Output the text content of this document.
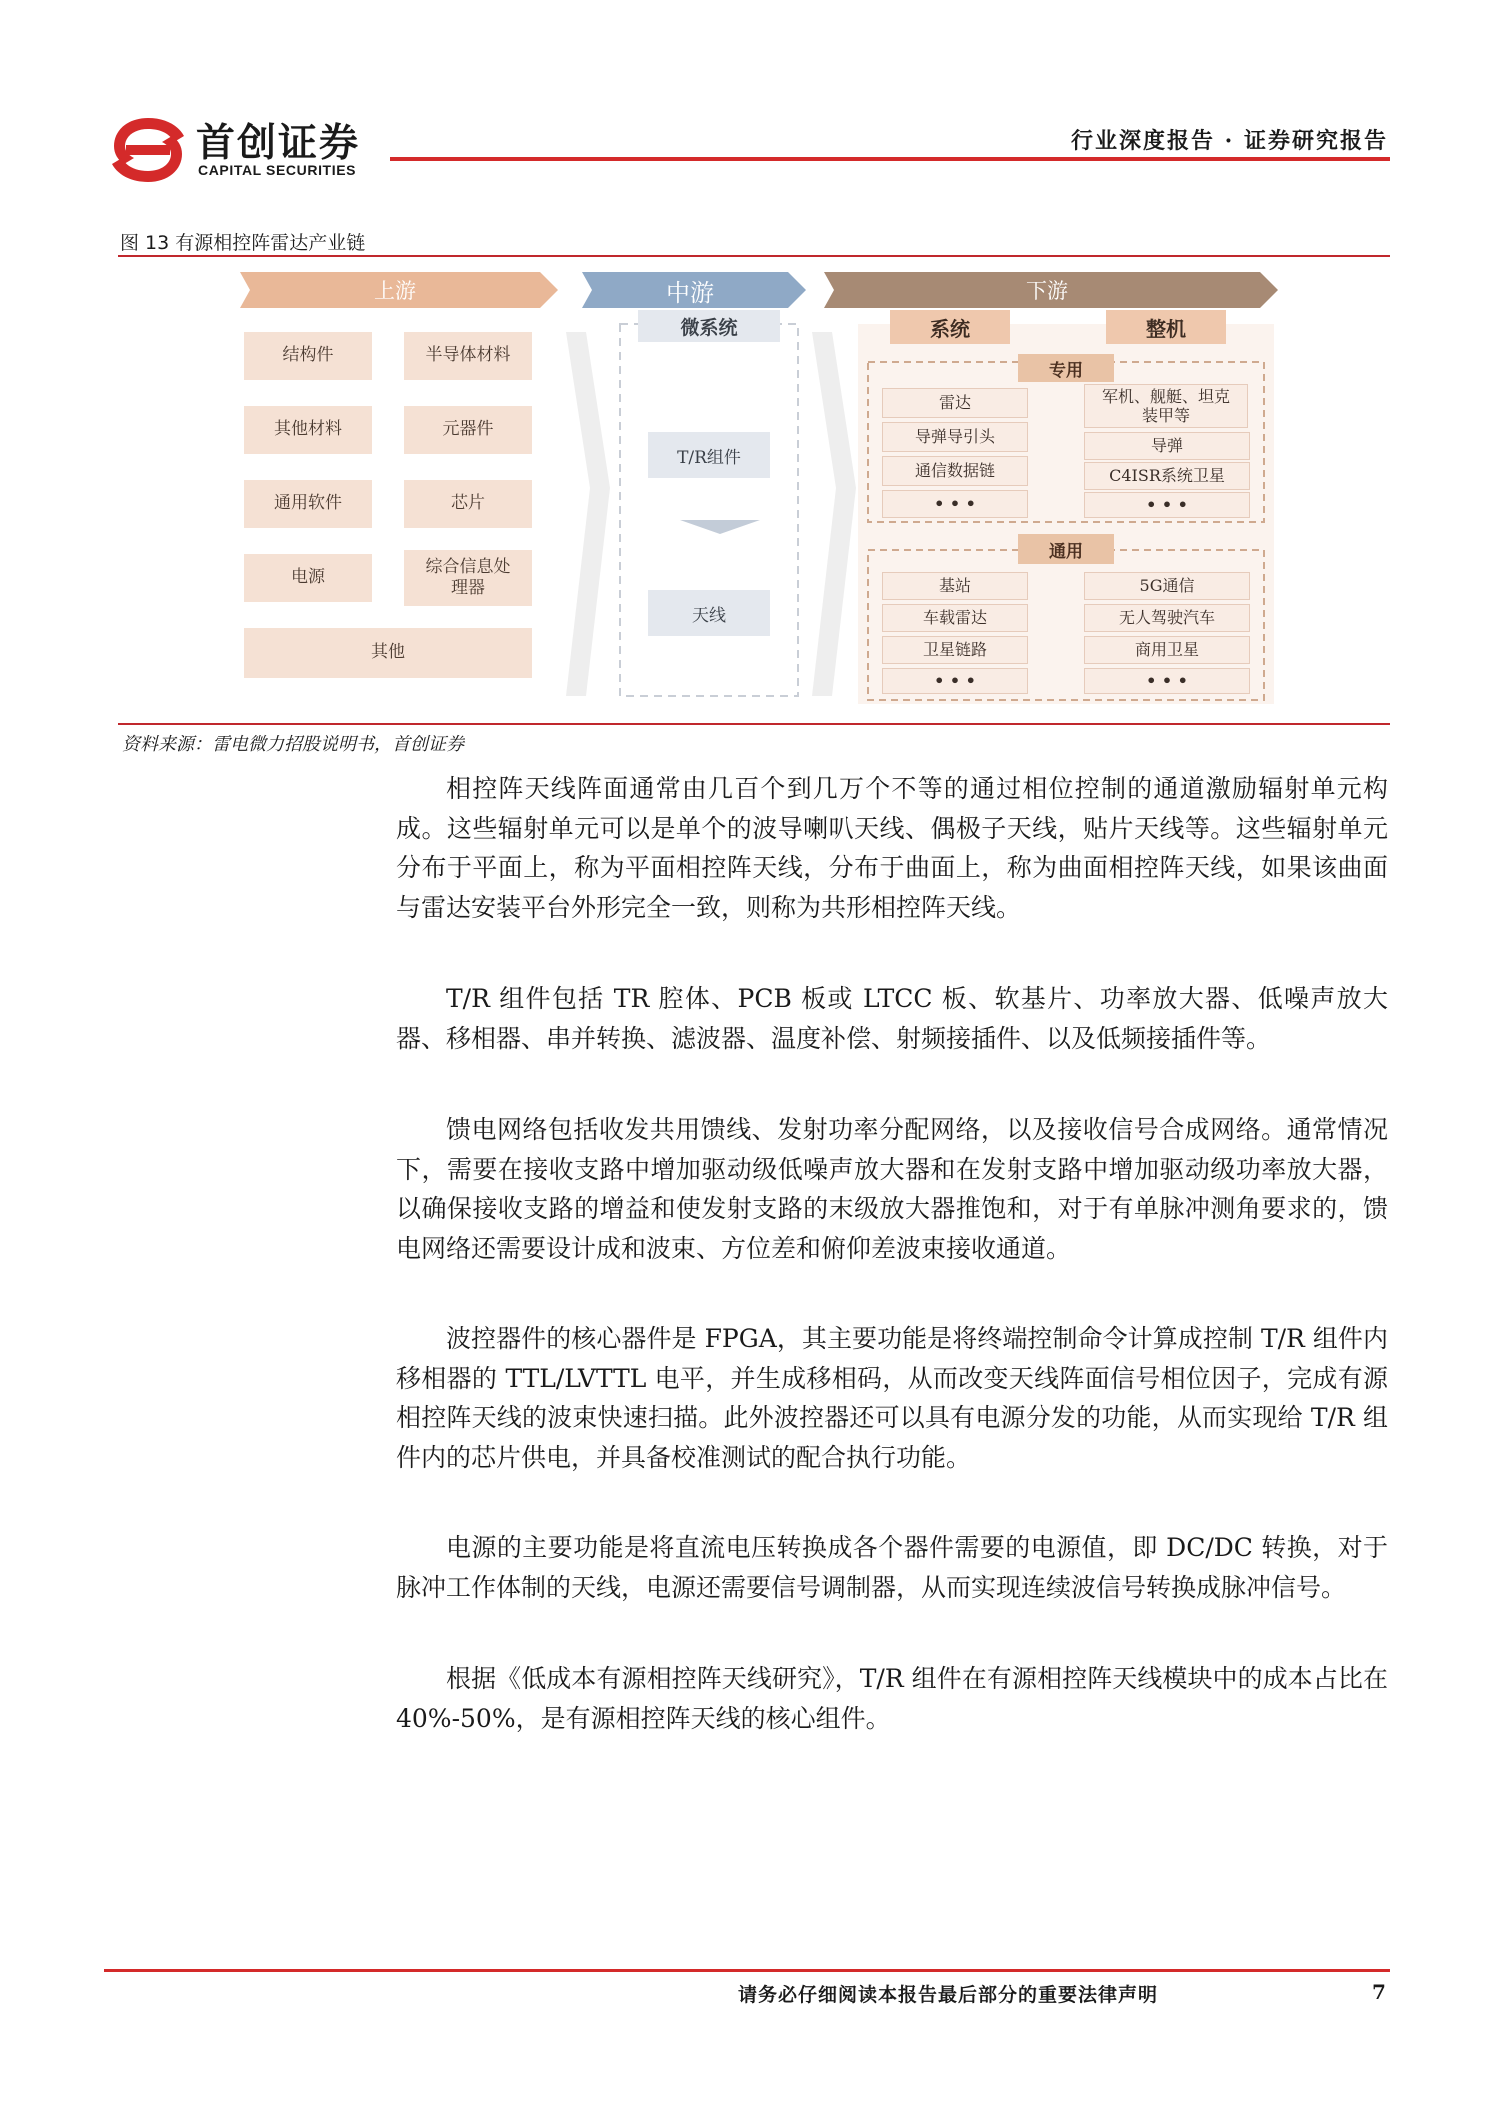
首创证券
CAPITAL SECURITIES
行业深度报告 · 证券研究报告
图 13 有源相控阵雷达产业链
上游	中游	下游
结构件	半导体材料
其他材料	元器件
通用软件	芯片
电源
综合信息处理器
其他
微系统
T/R组件
天线
系统	整机
专用
雷达
导弹导引头
通信数据链
• • •
军机、舰艇、坦克装甲等
导弹
C4ISR系统卫星
• • •
通用
基站
车载雷达
卫星链路
• • •
5G通信
无人驾驶汽车
商用卫星
• • •
资料来源：雷电微力招股说明书，首创证券

相控阵天线阵面通常由几百个到几万个不等的通过相位控制的通道激励辐射单元构成。这些辐射单元可以是单个的波导喇叭天线、偶极子天线，贴片天线等。这些辐射单元分布于平面上，称为平面相控阵天线，分布于曲面上，称为曲面相控阵天线，如果该曲面与雷达安装平台外形完全一致，则称为共形相控阵天线。

T/R 组件包括 TR 腔体、PCB 板或 LTCC 板、软基片、功率放大器、低噪声放大器、移相器、串并转换、滤波器、温度补偿、射频接插件、以及低频接插件等。

馈电网络包括收发共用馈线、发射功率分配网络，以及接收信号合成网络。通常情况下，需要在接收支路中增加驱动级低噪声放大器和在发射支路中增加驱动级功率放大器，以确保接收支路的增益和使发射支路的末级放大器推饱和，对于有单脉冲测角要求的，馈电网络还需要设计成和波束、方位差和俯仰差波束接收通道。

波控器件的核心器件是 FPGA，其主要功能是将终端控制命令计算成控制 T/R 组件内移相器的 TTL/LVTTL 电平，并生成移相码，从而改变天线阵面信号相位因子，完成有源相控阵天线的波束快速扫描。此外波控器还可以具有电源分发的功能，从而实现给 T/R 组件内的芯片供电，并具备校准测试的配合执行功能。

电源的主要功能是将直流电压转换成各个器件需要的电源值，即 DC/DC 转换，对于脉冲工作体制的天线，电源还需要信号调制器，从而实现连续波信号转换成脉冲信号。

根据《低成本有源相控阵天线研究》，T/R 组件在有源相控阵天线模块中的成本占比在 40%-50%，是有源相控阵天线的核心组件。

请务必仔细阅读本报告最后部分的重要法律声明	7
